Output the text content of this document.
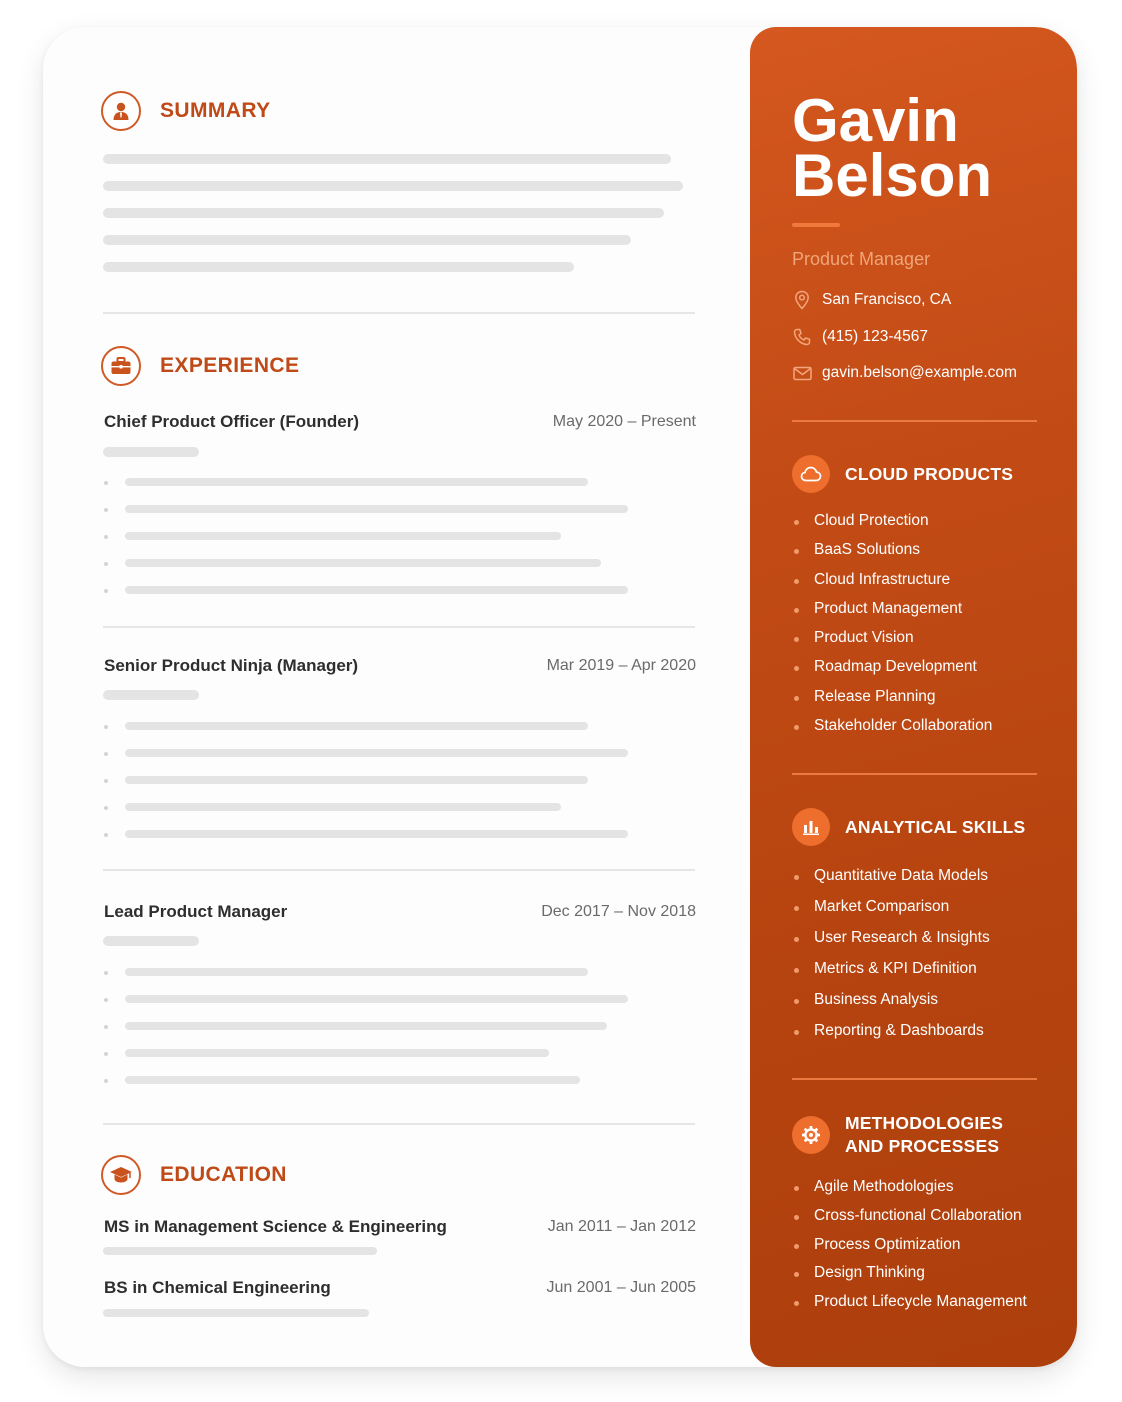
SUMMARY
EXPERIENCE
Chief Product Officer (Founder)	May 2020 – Present
Senior Product Ninja (Manager)	Mar 2019 – Apr 2020
Lead Product Manager	Dec 2017 – Nov 2018
EDUCATION
MS in Management Science & Engineering	Jan 2011 – Jan 2012
BS in Chemical Engineering	Jun 2001 – Jun 2005
Gavin
Belson
Product Manager
San Francisco, CA
(415) 123-4567
gavin.belson@example.com
CLOUD PRODUCTS
Cloud Protection
BaaS Solutions
Cloud Infrastructure
Product Management
Product Vision
Roadmap Development
Release Planning
Stakeholder Collaboration
ANALYTICAL SKILLS
Quantitative Data Models
Market Comparison
User Research & Insights
Metrics & KPI Definition
Business Analysis
Reporting & Dashboards
METHODOLOGIES
AND PROCESSES
Agile Methodologies
Cross-functional Collaboration
Process Optimization
Design Thinking
Product Lifecycle Management
